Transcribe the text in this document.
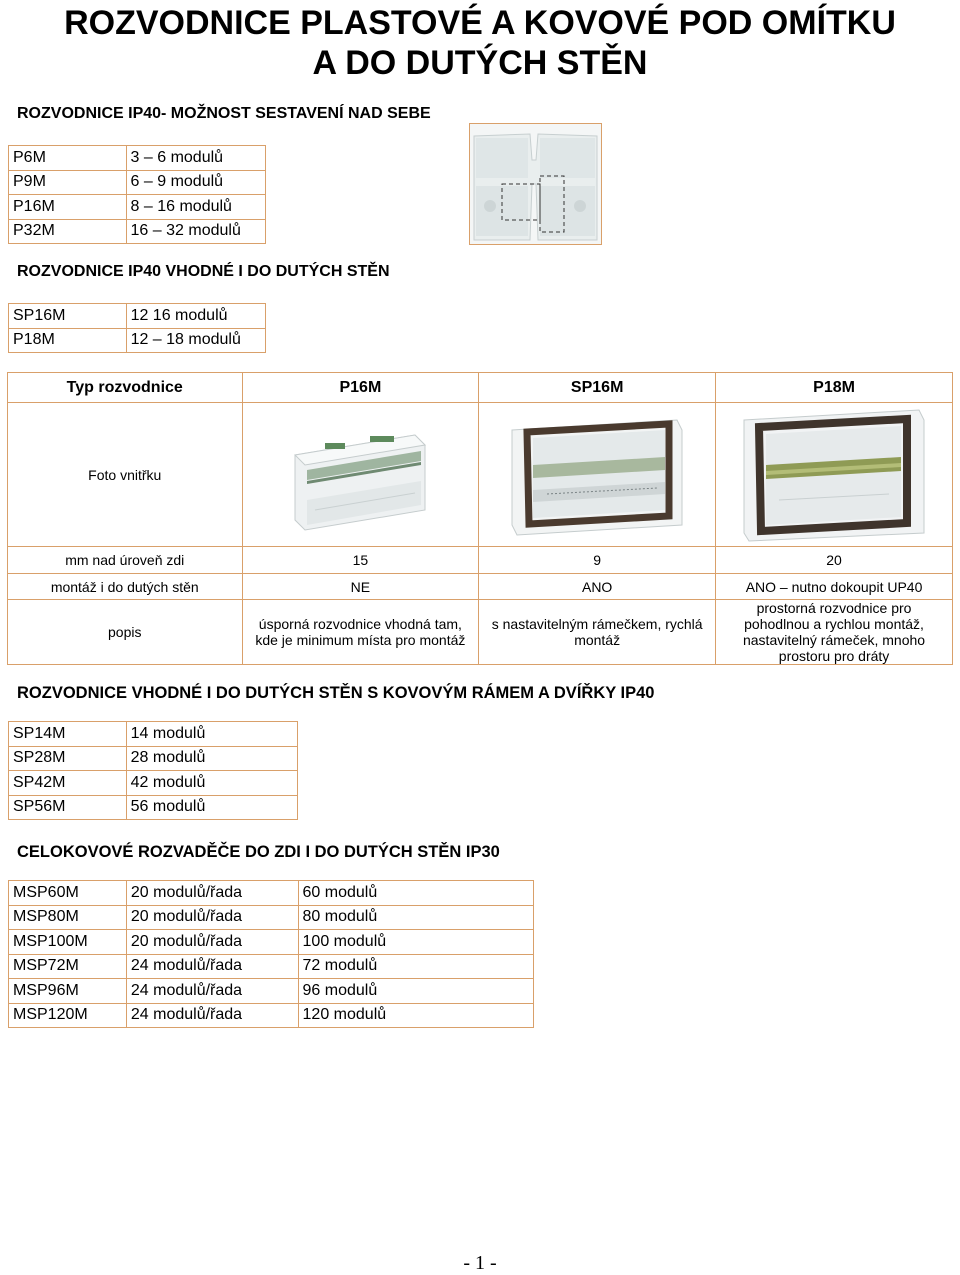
ROZVODNICE PLASTOVÉ A KOVOVÉ POD OMÍTKU
A DO DUTÝCH STĚN
ROZVODNICE IP40- MOŽNOST SESTAVENÍ NAD SEBE
P6M	3 – 6 modulů
P9M	6 – 9 modulů
P16M	8 – 16 modulů
P32M	16 – 32 modulů
ROZVODNICE IP40 VHODNÉ I DO DUTÝCH STĚN
SP16M	12 16 modulů
P18M	12 – 18 modulů
Typ rozvodnice	P16M	SP16M	P18M
Foto vnitřku	

mm nad úroveň zdi	15	9	20
montáž i do dutých stěn	NE	ANO	ANO – nutno dokoupit UP40
popis	úsporná rozvodnice vhodná tam, kde je minimum místa pro montáž	s nastavitelným rámečkem, rychlá montáž	prostorná rozvodnice pro pohodlnou a rychlou montáž, nastavitelný rámeček, mnoho prostoru pro dráty
ROZVODNICE VHODNÉ I DO DUTÝCH STĚN S KOVOVÝM RÁMEM A DVÍŘKY IP40
SP14M	14 modulů
SP28M	28 modulů
SP42M	42 modulů
SP56M	56 modulů
CELOKOVOVÉ ROZVADĚČE DO ZDI I DO DUTÝCH STĚN IP30
MSP60M	20 modulů/řada	60 modulů
MSP80M	20 modulů/řada	80 modulů
MSP100M	20 modulů/řada	100 modulů
MSP72M	24 modulů/řada	72 modulů
MSP96M	24 modulů/řada	96 modulů
MSP120M	24 modulů/řada	120 modulů
- 1 -
